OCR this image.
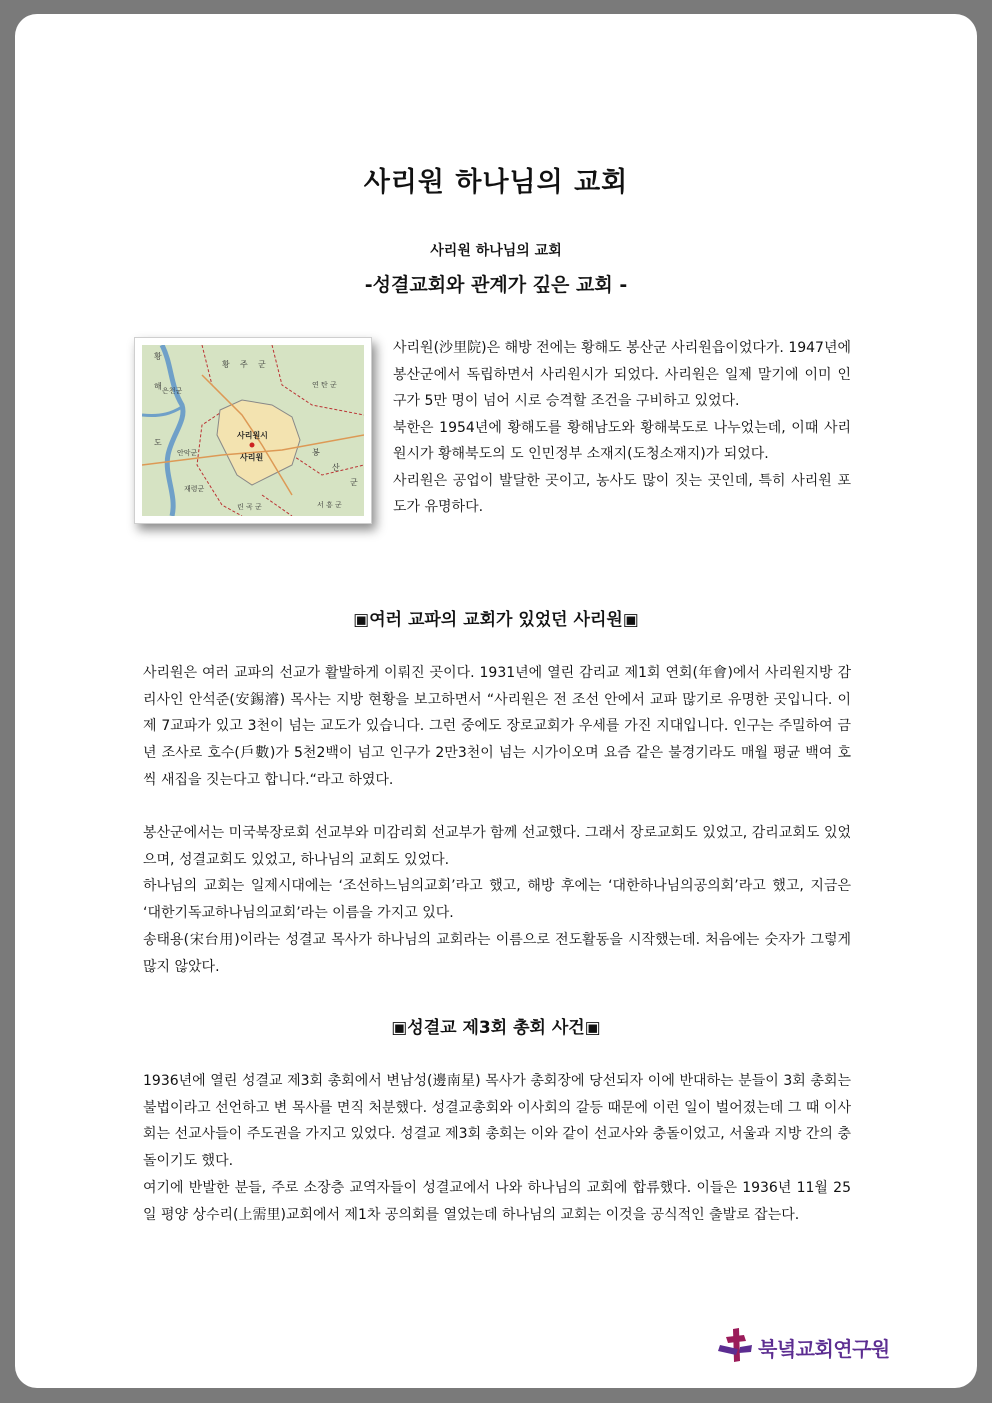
사리원 하나님의 교회
사리원 하나님의 교회
-성결교회와 관계가 깊은 교회 -
황
해
도
재령군
안악군
은천군
황 주 군
연 탄 군
봉
산
군
서 흥 군
사리원
사리원시
린 곡 군

사리원(沙里院)은 해방 전에는 황해도 봉산군 사리원읍이었다가. 1947년에 봉산군에서 독립하면서 사리원시가 되었다. 사리원은 일제 말기에 이미 인구가 5만 명이 넘어 시로 승격할 조건을 구비하고 있었다.

북한은 1954년에 황해도를 황해남도와 황해북도로 나누었는데, 이때 사리원시가 황해북도의 도 인민정부 소재지(도청소재지)가 되었다.

사리원은 공업이 발달한 곳이고, 농사도 많이 짓는 곳인데, 특히 사리원 포도가 유명하다.

▣여러 교파의 교회가 있었던 사리원▣

사리원은 여러 교파의 선교가 활발하게 이뤄진 곳이다. 1931년에 열린 감리교 제1회 연회(年會)에서 사리원지방 감리사인 안석준(安錫濬) 목사는 지방 현황을 보고하면서 “사리원은 전 조선 안에서 교파 많기로 유명한 곳입니다. 이제 7교파가 있고 3천이 넘는 교도가 있습니다. 그런 중에도 장로교회가 우세를 가진 지대입니다. 인구는 주밀하여 금년 조사로 호수(戶數)가 5천2백이 넘고 인구가 2만3천이 넘는 시가이오며 요즘 같은 불경기라도 매월 평균 백여 호씩 새집을 짓는다고 합니다.“라고 하였다.

봉산군에서는 미국북장로회 선교부와 미감리회 선교부가 함께 선교했다. 그래서 장로교회도 있었고, 감리교회도 있었으며, 성결교회도 있었고, 하나님의 교회도 있었다.

하나님의 교회는 일제시대에는 ‘조선하느님의교회’라고 했고, 해방 후에는 ‘대한하나님의공의회’라고 했고, 지금은 ‘대한기독교하나님의교회’라는 이름을 가지고 있다.

송태용(宋台用)이라는 성결교 목사가 하나님의 교회라는 이름으로 전도활동을 시작했는데. 처음에는 숫자가 그렇게 많지 않았다.

▣성결교 제3회 총회 사건▣

1936년에 열린 성결교 제3회 총회에서 변남성(邊南星) 목사가 총회장에 당선되자 이에 반대하는 분들이 3회 총회는 불법이라고 선언하고 변 목사를 면직 처분했다. 성결교총회와 이사회의 갈등 때문에 이런 일이 벌어졌는데 그 때 이사회는 선교사들이 주도권을 가지고 있었다. 성결교 제3회 총회는 이와 같이 선교사와 충돌이었고, 서울과 지방 간의 충돌이기도 했다.

여기에 반발한 분들, 주로 소장층 교역자들이 성결교에서 나와 하나님의 교회에 합류했다. 이들은 1936년 11월 25일 평양 상수리(上需里)교회에서 제1차 공의회를 열었는데 하나님의 교회는 이것을 공식적인 출발로 잡는다.

북녘교회연구원
